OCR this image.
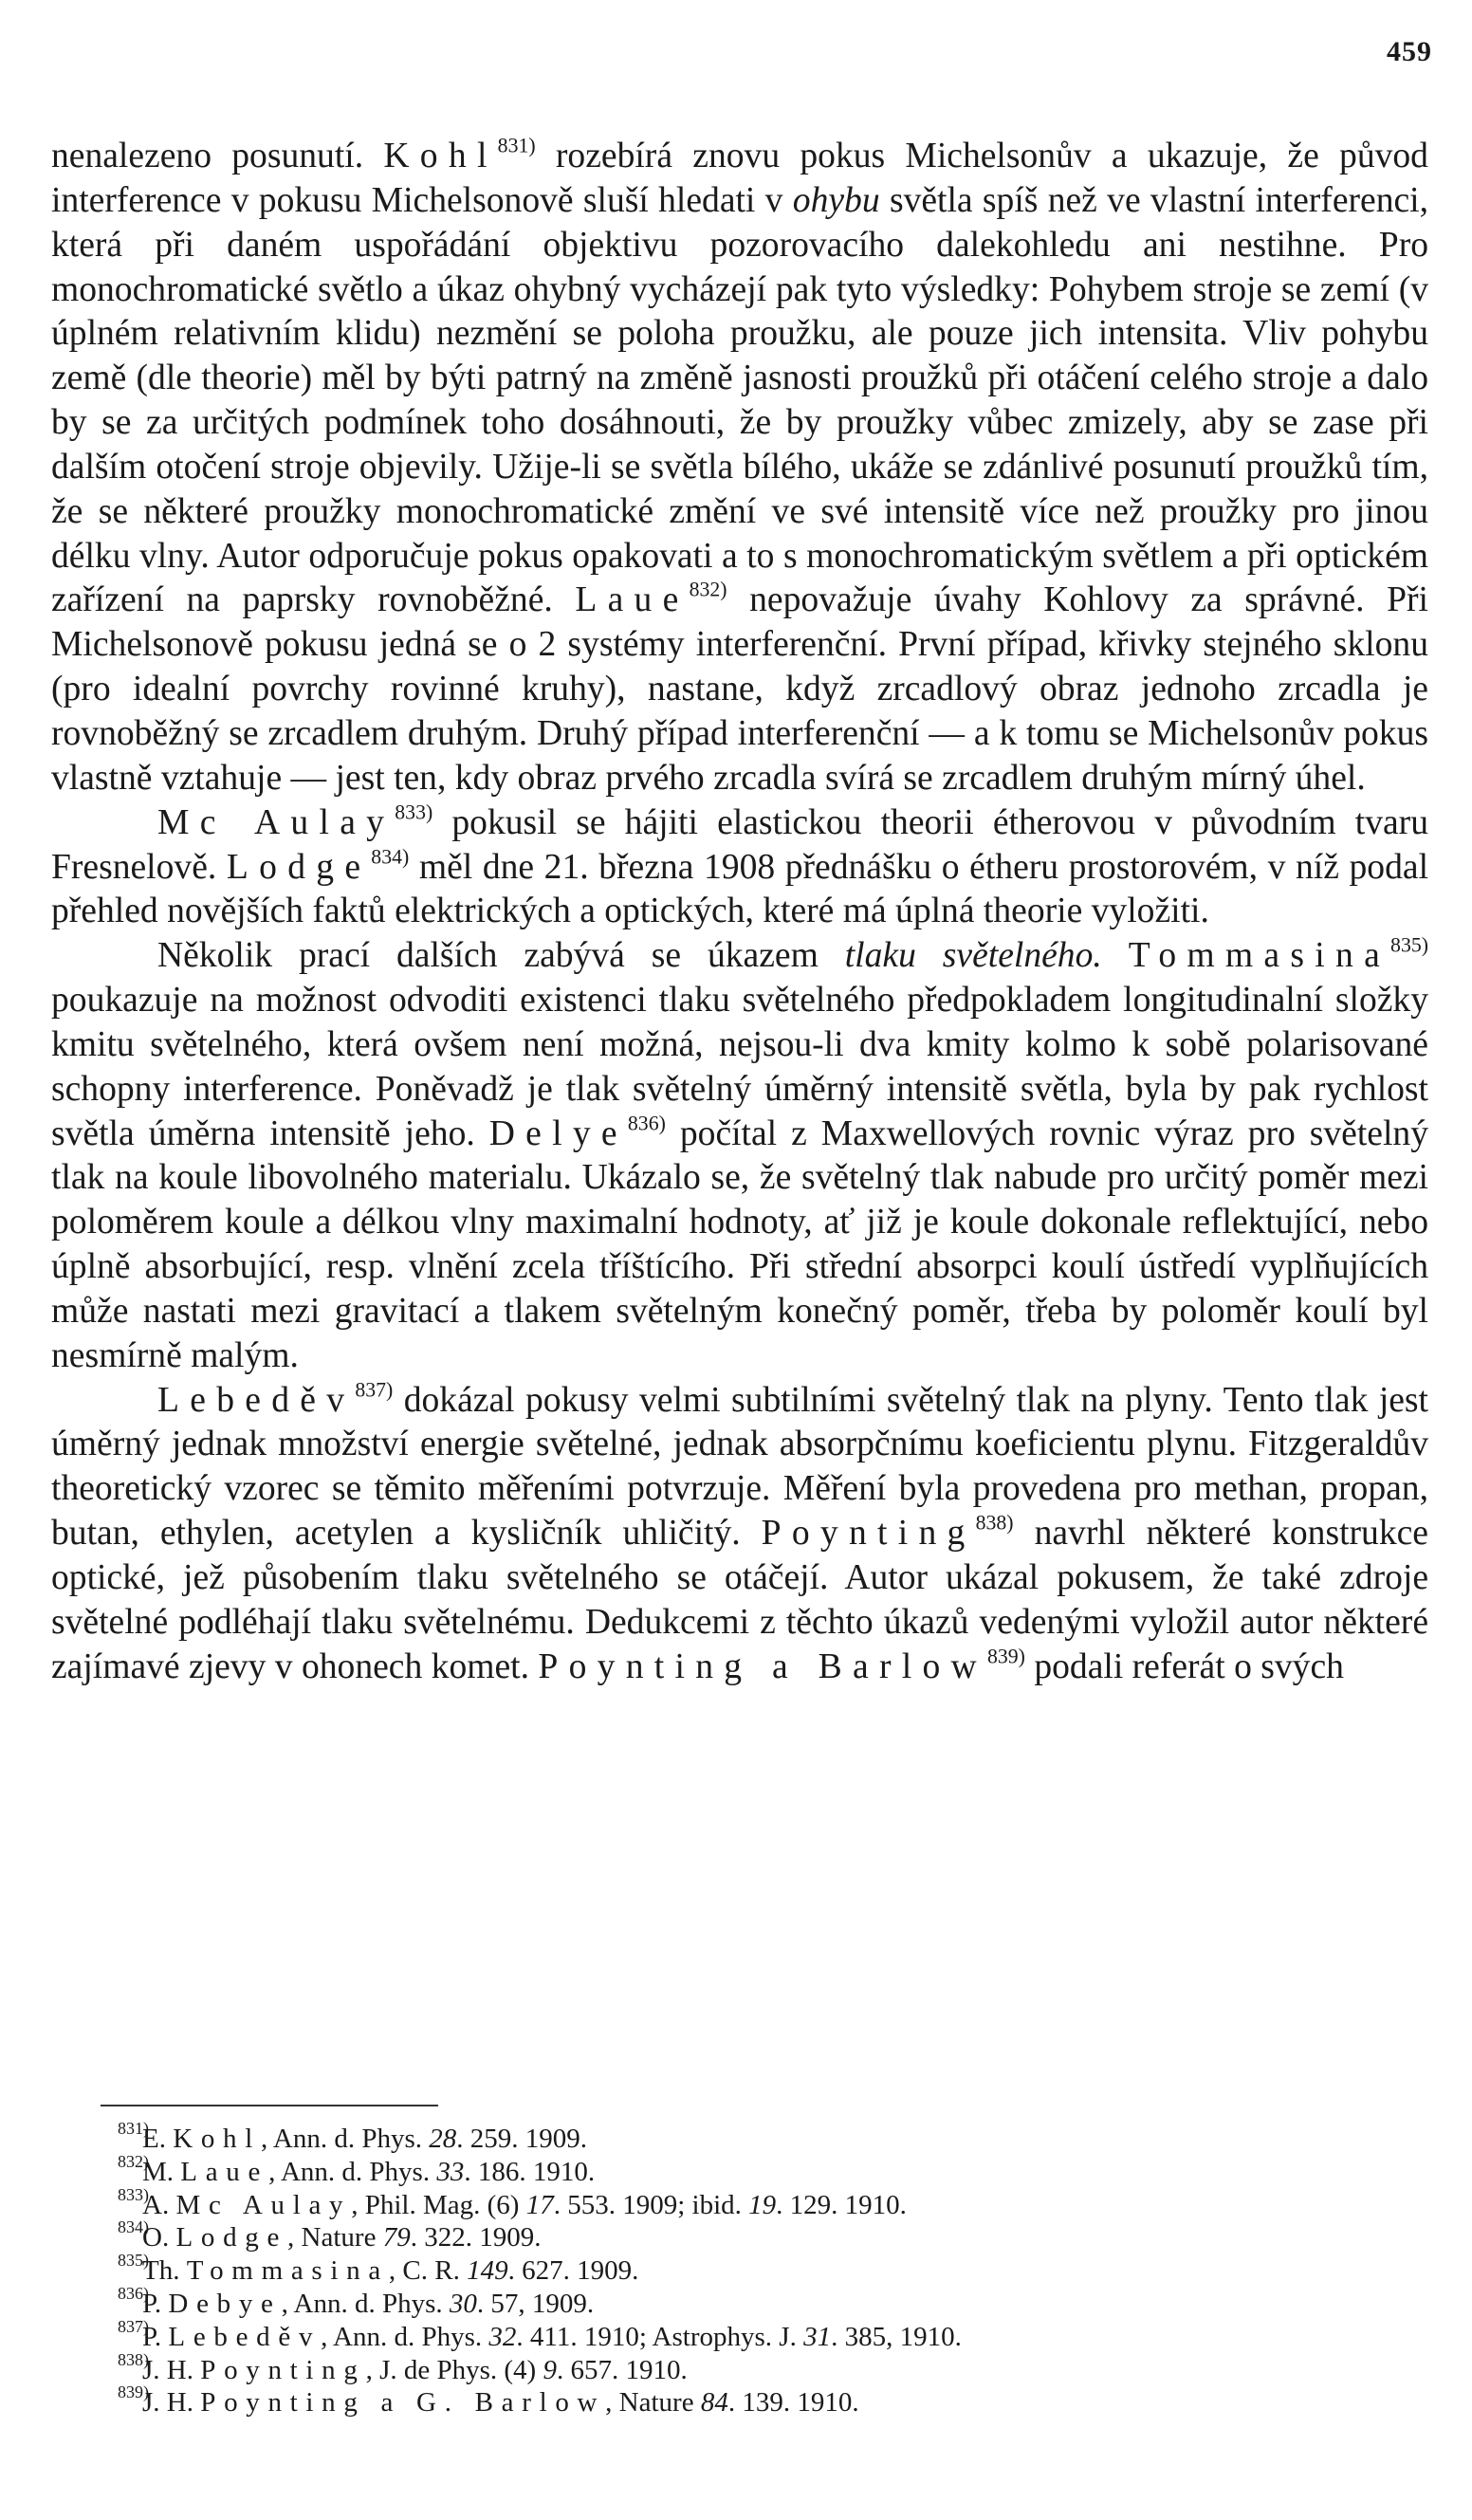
459

nenalezeno posunutí. Kohl$^{831)}$ rozebírá znovu pokus Michelsonův a ukazuje, že původ interference v pokusu Michelsonově sluší hledati v ohybu světla spíš než ve vlastní interferenci, která při daném uspořádání objektivu pozorovacího dalekohledu ani nestihne. Pro monochromatické světlo a úkaz ohybný vycházejí pak tyto výsledky: Pohybem stroje se zemí (v úplném relativním klidu) nezmění se poloha proužku, ale pouze jich intensita. Vliv pohybu země (dle theorie) měl by býti patrný na změně jasnosti proužků při otáčení celého stroje a dalo by se za určitých podmínek toho dosáhnouti, že by proužky vůbec zmizely, aby se zase při dalším otočení stroje objevily. Užije-li se světla bílého, ukáže se zdánlivé posunutí proužků tím, že se některé proužky monochromatické změní ve své intensitě více než proužky pro jinou délku vlny. Autor odporučuje pokus opakovati a to s monochromatickým světlem a při optickém zařízení na paprsky rovnoběžné. Laue$^{832)}$ nepovažuje úvahy Kohlovy za správné. Při Michelsonově pokusu jedná se o 2 systémy interferenční. První případ, křivky stejného sklonu (pro idealní povrchy rovinné kruhy), nastane, když zrcadlový obraz jednoho zrcadla je rovnoběžný se zrcadlem druhým. Druhý případ interferenční — a k tomu se Michelsonův pokus vlastně vztahuje — jest ten, kdy obraz prvého zrcadla svírá se zrcadlem druhým mírný úhel.

Mc Aulay$^{833)}$ pokusil se hájiti elastickou theorii étherovou v původním tvaru Fresnelově. Lodge$^{834)}$ měl dne 21. března 1908 přednášku o étheru prostorovém, v níž podal přehled novějších faktů elektrických a optických, které má úplná theorie vyložiti.

Několik prací dalších zabývá se úkazem tlaku světelného. Tommasina$^{835)}$ poukazuje na možnost odvoditi existenci tlaku světelného předpokladem longitudinalní složky kmitu světelného, která ovšem není možná, nejsou-li dva kmity kolmo k sobě polarisované schopny interference. Poněvadž je tlak světelný úměrný intensitě světla, byla by pak rychlost světla úměrna intensitě jeho. Delye$^{836)}$ počítal z Maxwellových rovnic výraz pro světelný tlak na koule libovolného materialu. Ukázalo se, že světelný tlak nabude pro určitý poměr mezi poloměrem koule a délkou vlny maximalní hodnoty, ať již je koule dokonale reflektující, nebo úplně absorbující, resp. vlnění zcela tříštícího. Při střední absorpci koulí ústředí vyplňujících může nastati mezi gravitací a tlakem světelným konečný poměr, třeba by poloměr koulí byl nesmírně malým.

Lebeděv$^{837)}$ dokázal pokusy velmi subtilními světelný tlak na plyny. Tento tlak jest úměrný jednak množství energie světelné, jednak absorpčnímu koeficientu plynu. Fitzgeraldův theoretický vzorec se těmito měřeními potvrzuje. Měření byla provedena pro methan, propan, butan, ethylen, acetylen a kysličník uhličitý. Poynting$^{838)}$ navrhl některé konstrukce optické, jež působením tlaku světelného se otáčejí. Autor ukázal pokusem, že také zdroje světelné podléhají tlaku světelnému. Dedukcemi z těchto úkazů vedenými vyložil autor některé zajímavé zjevy v ohonech komet. Poynting a Barlow$^{839)}$ podali referát o svých

831)
E. Kohl, Ann. d. Phys. 28. 259. 1909.
832)
M. Laue, Ann. d. Phys. 33. 186. 1910.
833)
A. Mc Aulay, Phil. Mag. (6) 17. 553. 1909; ibid. 19. 129. 1910.
834)
O. Lodge, Nature 79. 322. 1909.
835)
Th. Tommasina, C. R. 149. 627. 1909.
836)
P. Debye, Ann. d. Phys. 30. 57, 1909.
837)
P. Lebeděv, Ann. d. Phys. 32. 411. 1910; Astrophys. J. 31. 385, 1910.
838)
J. H. Poynting, J. de Phys. (4) 9. 657. 1910.
839)
J. H. Poynting a G. Barlow, Nature 84. 139. 1910.
